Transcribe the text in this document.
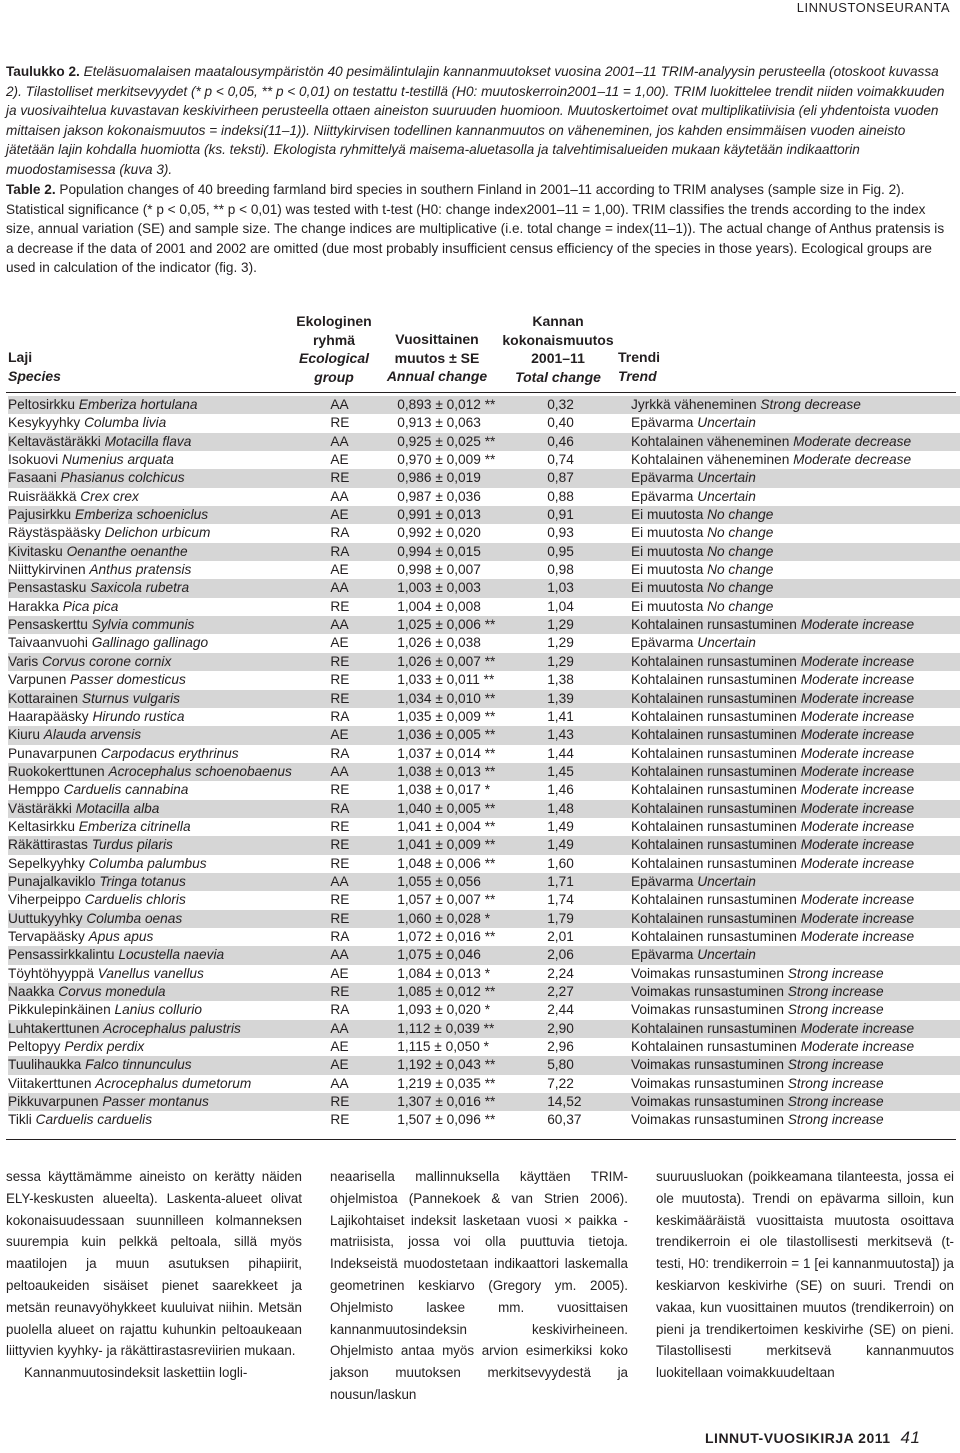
LINNUSTONSEURANTA

Taulukko 2. Eteläsuomalaisen maatalousympäristön 40 pesimälintulajin kannanmuutokset vuosina 2001–11 TRIM-analyysin perusteella (otoskoot kuvassa 2). Tilastolliset merkitsevyydet (* p < 0,05, ** p < 0,01) on testattu t-testillä (H0: muutoskerroin2001–11 = 1,00). TRIM luokittelee trendit niiden voimakkuuden ja vuosivaihtelua kuvastavan keskivirheen perusteella ottaen aineiston suuruuden huomioon. Muutoskertoimet ovat multiplikatiivisia (eli yhdentoista vuoden mittaisen jakson kokonaismuutos = indeksi(11–1)). Niittykirvisen todellinen kannanmuutos on väheneminen, jos kahden ensimmäisen vuoden aineisto jätetään lajin kohdalla huomiotta (ks. teksti). Ekologista ryhmittelyä maisema-aluetasolla ja talvehtimisalueiden mukaan käytetään indikaattorin muodostamisessa (kuva 3).

Table 2. Population changes of 40 breeding farmland bird species in southern Finland in 2001–11 according to TRIM analyses (sample size in Fig. 2). Statistical significance (* p < 0,05, ** p < 0,01) was tested with t-test (H0: change index2001–11 = 1,00). TRIM classifies the trends according to the index size, annual variation (SE) and sample size. The change indices are multiplicative (i.e. total change = index(11–1)). The actual change of Anthus pratensis is a decrease if the data of 2001 and 2002 are omitted (due most probably insufficient census efficiency of the species in those years). Ecological groups are used in calculation of the indicator (fig. 3).

Laji
Species
Ekologinen
ryhmä
Ecological
group
Vuosittainen
muutos ± SE
Annual change
Kannan
kokonaismuutos
2001–11
Total change
Trendi
Trend
Peltosirkku Emberiza hortulana	AA	0,893 ± 0,012 **	0,32	Jyrkkä väheneminen Strong decrease
Kesykyyhky Columba livia	RE	0,913 ± 0,063	0,40	Epävarma Uncertain
Keltavästäräkki Motacilla flava	AA	0,925 ± 0,025 **	0,46	Kohtalainen väheneminen Moderate decrease
Isokuovi Numenius arquata	AE	0,970 ± 0,009 **	0,74	Kohtalainen väheneminen Moderate decrease
Fasaani Phasianus colchicus	RE	0,986 ± 0,019	0,87	Epävarma Uncertain
Ruisrääkkä Crex crex	AA	0,987 ± 0,036	0,88	Epävarma Uncertain
Pajusirkku Emberiza schoeniclus	AE	0,991 ± 0,013	0,91	Ei muutosta No change
Räystäspääsky Delichon urbicum	RA	0,992 ± 0,020	0,93	Ei muutosta No change
Kivitasku Oenanthe oenanthe	RA	0,994 ± 0,015	0,95	Ei muutosta No change
Niittykirvinen Anthus pratensis	AE	0,998 ± 0,007	0,98	Ei muutosta No change
Pensastasku Saxicola rubetra	AA	1,003 ± 0,003	1,03	Ei muutosta No change
Harakka Pica pica	RE	1,004 ± 0,008	1,04	Ei muutosta No change
Pensaskerttu Sylvia communis	AA	1,025 ± 0,006 **	1,29	Kohtalainen runsastuminen Moderate increase
Taivaanvuohi Gallinago gallinago	AE	1,026 ± 0,038	1,29	Epävarma Uncertain
Varis Corvus corone cornix	RE	1,026 ± 0,007 **	1,29	Kohtalainen runsastuminen Moderate increase
Varpunen Passer domesticus	RE	1,033 ± 0,011 **	1,38	Kohtalainen runsastuminen Moderate increase
Kottarainen Sturnus vulgaris	RE	1,034 ± 0,010 **	1,39	Kohtalainen runsastuminen Moderate increase
Haarapääsky Hirundo rustica	RA	1,035 ± 0,009 **	1,41	Kohtalainen runsastuminen Moderate increase
Kiuru Alauda arvensis	AE	1,036 ± 0,005 **	1,43	Kohtalainen runsastuminen Moderate increase
Punavarpunen Carpodacus erythrinus	RA	1,037 ± 0,014 **	1,44	Kohtalainen runsastuminen Moderate increase
Ruokokerttunen Acrocephalus schoenobaenus	AA	1,038 ± 0,013 **	1,45	Kohtalainen runsastuminen Moderate increase
Hemppo Carduelis cannabina	RE	1,038 ± 0,017 *	1,46	Kohtalainen runsastuminen Moderate increase
Västäräkki Motacilla alba	RA	1,040 ± 0,005 **	1,48	Kohtalainen runsastuminen Moderate increase
Keltasirkku Emberiza citrinella	RE	1,041 ± 0,004 **	1,49	Kohtalainen runsastuminen Moderate increase
Räkättirastas Turdus pilaris	RE	1,041 ± 0,009 **	1,49	Kohtalainen runsastuminen Moderate increase
Sepelkyyhky Columba palumbus	RE	1,048 ± 0,006 **	1,60	Kohtalainen runsastuminen Moderate increase
Punajalkaviklo Tringa totanus	AA	1,055 ± 0,056	1,71	Epävarma Uncertain
Viherpeippo Carduelis chloris	RE	1,057 ± 0,007 **	1,74	Kohtalainen runsastuminen Moderate increase
Uuttukyyhky Columba oenas	RE	1,060 ± 0,028 *	1,79	Kohtalainen runsastuminen Moderate increase
Tervapääsky Apus apus	RA	1,072 ± 0,016 **	2,01	Kohtalainen runsastuminen Moderate increase
Pensassirkkalintu Locustella naevia	AA	1,075 ± 0,046	2,06	Epävarma Uncertain
Töyhtöhyyppä Vanellus vanellus	AE	1,084 ± 0,013 *	2,24	Voimakas runsastuminen Strong increase
Naakka Corvus monedula	RE	1,085 ± 0,012 **	2,27	Voimakas runsastuminen Strong increase
Pikkulepinkäinen Lanius collurio	RA	1,093 ± 0,020 *	2,44	Voimakas runsastuminen Strong increase
Luhtakerttunen Acrocephalus palustris	AA	1,112 ± 0,039 **	2,90	Kohtalainen runsastuminen Moderate increase
Peltopyy Perdix perdix	AE	1,115 ± 0,050 *	2,96	Kohtalainen runsastuminen Moderate increase
Tuulihaukka Falco tinnunculus	AE	1,192 ± 0,043 **	5,80	Voimakas runsastuminen Strong increase
Viitakerttunen Acrocephalus dumetorum	AA	1,219 ± 0,035 **	7,22	Voimakas runsastuminen Strong increase
Pikkuvarpunen Passer montanus	RE	1,307 ± 0,016 **	14,52	Voimakas runsastuminen Strong increase
Tikli Carduelis carduelis	RE	1,507 ± 0,096 **	60,37	Voimakas runsastuminen Strong increase

sessa käyttämämme aineisto on kerätty näiden ELY-keskusten alueelta). Laskenta-alueet olivat kokonaisuudessaan suunnilleen kolmanneksen suurempia kuin pelkkä peltoala, sillä myös maatilojen ja muun asutuksen pihapiirit, peltoaukeiden sisäiset pienet saarekkeet ja metsän reunavyöhykkeet kuuluivat niihin. Metsän puolella alueet on rajattu kuhunkin peltoaukeaan liittyvien kyyhky- ja räkättirastasreviirien mukaan.

Kannanmuutosindeksit laskettiin logli-

neaarisella mallinnuksella käyttäen TRIM-ohjelmistoa (Pannekoek & van Strien 2006). Lajikohtaiset indeksit lasketaan vuosi × paikka -matriisista, jossa voi olla puuttuvia tietoja. Indekseistä muodostetaan indikaattori laskemalla geometrinen keskiarvo (Gregory ym. 2005). Ohjelmisto laskee mm. vuosittaisen kannanmuutosindeksin keskivirheineen. Ohjelmisto antaa myös arvion esimerkiksi koko jakson muutoksen merkitsevyydestä ja nousun/laskun

suuruusluokan (poikkeamana tilanteesta, jossa ei ole muutosta). Trendi on epävarma silloin, kun keskimääräistä vuosittaista muutosta osoittava trendikerroin ei ole tilastollisesti merkitsevä (t-testi, H0: trendikerroin = 1 [ei kannanmuutosta]) ja keskiarvon keskivirhe (SE) on suuri. Trendi on vakaa, kun vuosittainen muutos (trendikerroin) on pieni ja trendikertoimen keskivirhe (SE) on pieni. Tilastollisesti merkitsevä kannanmuutos luokitellaan voimakkuudeltaan

LINNUT-VUOSIKIRJA 2011 41
